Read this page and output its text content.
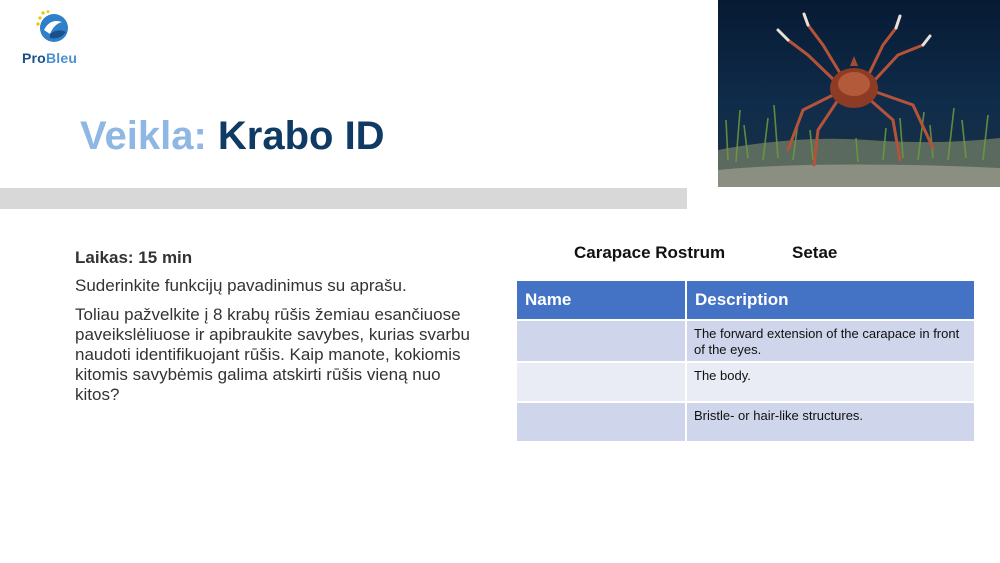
ProBleu
Veikla: Krabo ID

Laikas: 15 min

Suderinkite funkcijų pavadinimus su aprašu.

Toliau pažvelkite į 8 krabų rūšis žemiau esančiuose paveikslėliuose ir apibraukite savybes, kurias svarbu naudoti identifikuojant rūšis. Kaip manote, kokiomis kitomis savybėmis galima atskirti rūšis vieną nuo kitos?

Carapace Rostrum	Setae
Name	Description
	The forward extension of the carapace in front of the eyes.
	The body.
	Bristle- or hair-like structures.
